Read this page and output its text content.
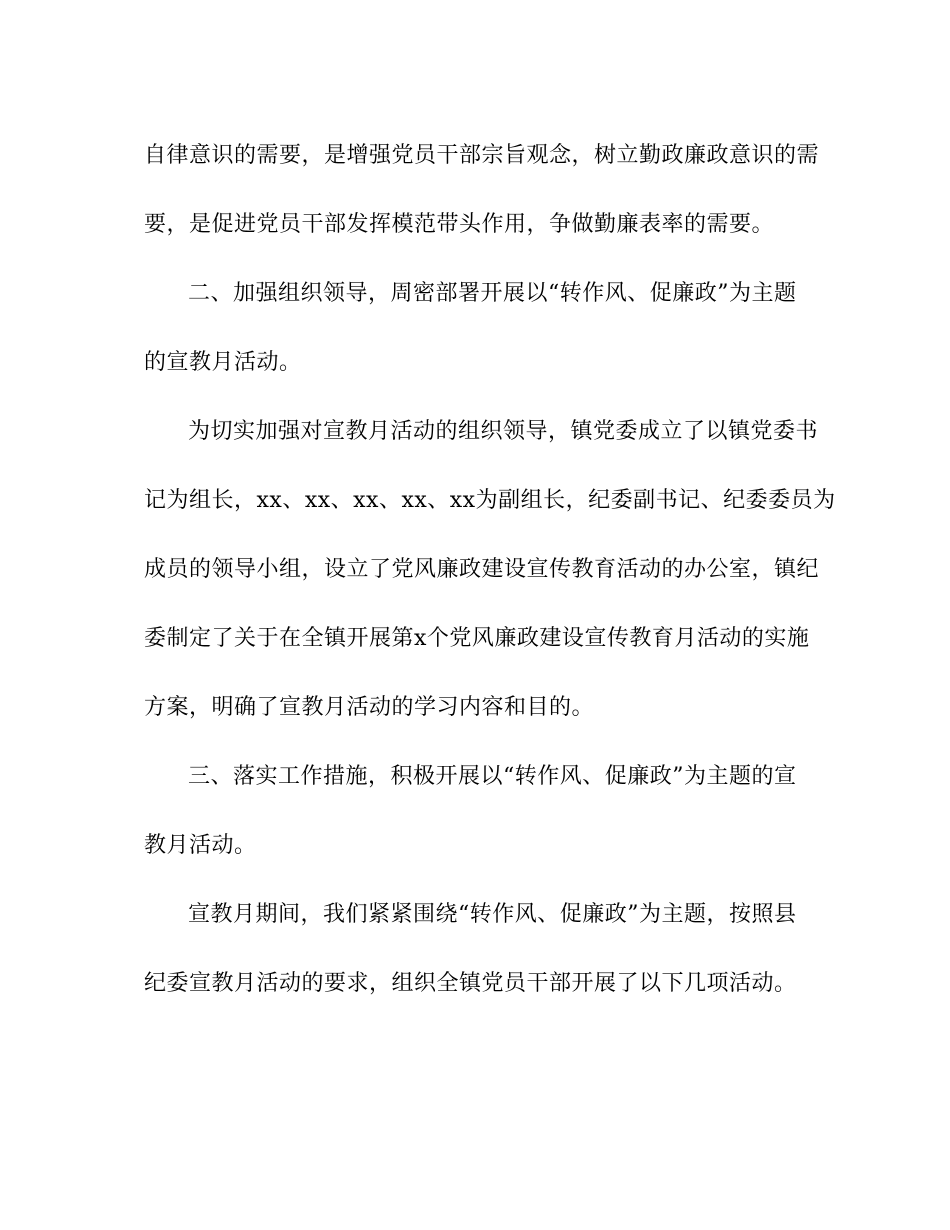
自律意识的需要，是增强党员干部宗旨观念，树立勤政廉政意识的需
要，是促进党员干部发挥模范带头作用，争做勤廉表率的需要。

二、加强组织领导，周密部署开展以“转作风、促廉政”为主题
的宣教月活动。

为切实加强对宣教月活动的组织领导，镇党委成立了以镇党委书
记为组长，xx、xx、xx、xx、xx为副组长，纪委副书记、纪委委员为
成员的领导小组，设立了党风廉政建设宣传教育活动的办公室，镇纪
委制定了关于在全镇开展第x个党风廉政建设宣传教育月活动的实施
方案，明确了宣教月活动的学习内容和目的。

三、落实工作措施，积极开展以“转作风、促廉政”为主题的宣
教月活动。

宣教月期间，我们紧紧围绕“转作风、促廉政”为主题，按照县
纪委宣教月活动的要求，组织全镇党员干部开展了以下几项活动。
